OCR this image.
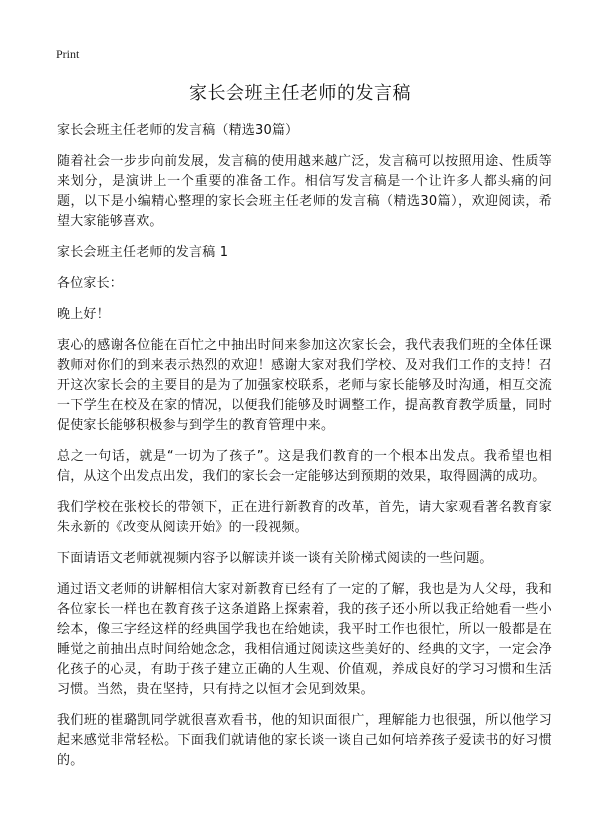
Print
家长会班主任老师的发言稿

家长会班主任老师的发言稿（精选30篇）

随着社会一步步向前发展，发言稿的使用越来越广泛，发言稿可以按照用途、性质等来划分，是演讲上一个重要的准备工作。相信写发言稿是一个让许多人都头痛的问题，以下是小编精心整理的家长会班主任老师的发言稿（精选30篇），欢迎阅读，希望大家能够喜欢。

家长会班主任老师的发言稿 1

各位家长：

晚上好！

衷心的感谢各位能在百忙之中抽出时间来参加这次家长会，我代表我们班的全体任课教师对你们的到来表示热烈的欢迎！感谢大家对我们学校、及对我们工作的支持！召开这次家长会的主要目的是为了加强家校联系，老师与家长能够及时沟通，相互交流一下学生在校及在家的情况，以便我们能够及时调整工作，提高教育教学质量，同时促使家长能够积极参与到学生的教育管理中来。

总之一句话，就是“一切为了孩子”。这是我们教育的一个根本出发点。我希望也相信，从这个出发点出发，我们的家长会一定能够达到预期的效果，取得圆满的成功。

我们学校在张校长的带领下，正在进行新教育的改革，首先，请大家观看著名教育家朱永新的《改变从阅读开始》的一段视频。

下面请语文老师就视频内容予以解读并谈一谈有关阶梯式阅读的一些问题。

通过语文老师的讲解相信大家对新教育已经有了一定的了解，我也是为人父母，我和各位家长一样也在教育孩子这条道路上探索着，我的孩子还小所以我正给她看一些小绘本，像三字经这样的经典国学我也在给她读，我平时工作也很忙，所以一般都是在睡觉之前抽出点时间给她念念，我相信通过阅读这些美好的、经典的文字，一定会净化孩子的心灵，有助于孩子建立正确的人生观、价值观，养成良好的学习习惯和生活习惯。当然，贵在坚持，只有持之以恒才会见到效果。

我们班的崔璐凯同学就很喜欢看书，他的知识面很广，理解能力也很强，所以他学习起来感觉非常轻松。下面我们就请他的家长谈一谈自己如何培养孩子爱读书的好习惯的。
